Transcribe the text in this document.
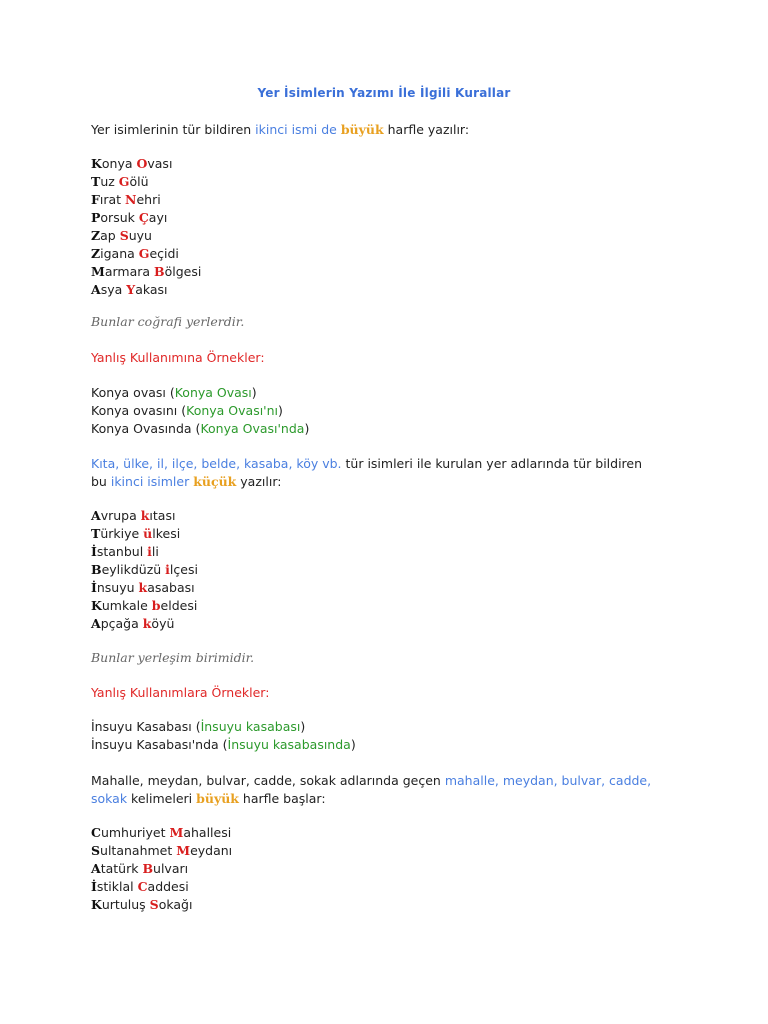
Yer İsimlerin Yazımı İle İlgili Kurallar
Yer isimlerinin tür bildiren ikinci ismi de büyük harfle yazılır:
Konya Ovası
Tuz Gölü
Fırat Nehri
Porsuk Çayı
Zap Suyu
Zigana Geçidi
Marmara Bölgesi
Asya Yakası
Bunlar coğrafi yerlerdir.
Yanlış Kullanımına Örnekler:
Konya ovası (Konya Ovası)
Konya ovasını (Konya Ovası'nı)
Konya Ovasında (Konya Ovası'nda)
Kıta, ülke, il, ilçe, belde, kasaba, köy vb. tür isimleri ile kurulan yer adlarında tür bildiren
bu ikinci isimler küçük yazılır:
Avrupa kıtası
Türkiye ülkesi
İstanbul ili
Beylikdüzü ilçesi
İnsuyu kasabası
Kumkale beldesi
Apçağa köyü
Bunlar yerleşim birimidir.
Yanlış Kullanımlara Örnekler:
İnsuyu Kasabası (İnsuyu kasabası)
İnsuyu Kasabası'nda (İnsuyu kasabasında)
Mahalle, meydan, bulvar, cadde, sokak adlarında geçen mahalle, meydan, bulvar, cadde,
sokak kelimeleri büyük harfle başlar:
Cumhuriyet Mahallesi
Sultanahmet Meydanı
Atatürk Bulvarı
İstiklal Caddesi
Kurtuluş Sokağı
